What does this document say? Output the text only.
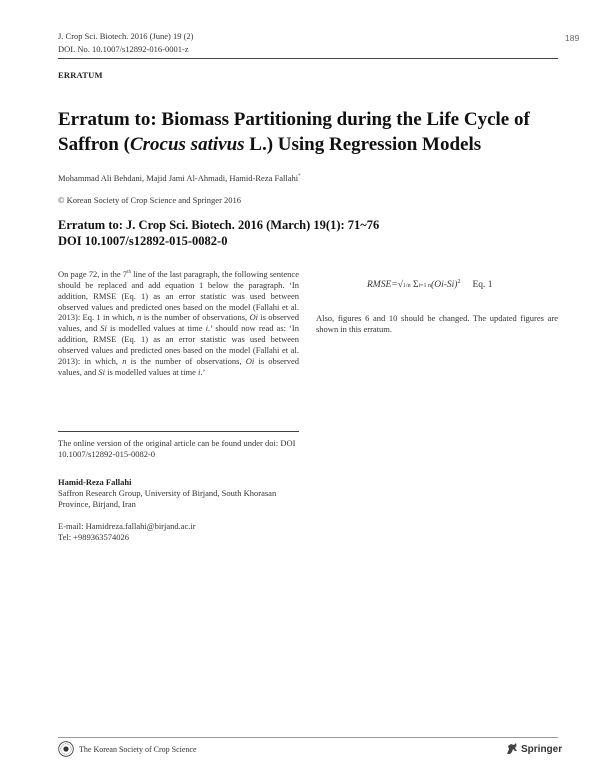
J. Crop Sci. Biotech. 2016 (June) 19 (2)
DOI. No. 10.1007/s12892-016-0001-z
189
ERRATUM
Erratum to: Biomass Partitioning during the Life Cycle of Saffron (Crocus sativus L.) Using Regression Models
Mohammad Ali Behdani, Majid Jami Al-Ahmadi, Hamid-Reza Fallahi*
© Korean Society of Crop Science and Springer 2016
Erratum to: J. Crop Sci. Biotech. 2016 (March) 19(1): 71~76
DOI 10.1007/s12892-015-0082-0
On page 72, in the 7th line of the last paragraph, the following sentence should be replaced and add equation 1 below the paragraph. ‘In addition, RMSE (Eq. 1) as an error statistic was used between observed values and predicted ones based on the model (Fallahi et al. 2013): Eq. 1 in which, n is the number of observations, Oi is observed values, and Si is modelled values at time i.’ should now read as: ‘In addition, RMSE (Eq. 1) as an error statistic was used between observed values and predicted ones based on the model (Fallahi et al. 2013): in which, n is the number of observations, Oi is observed values, and Si is modelled values at time i.’
RMSE=√1/n Σi=1 $n(Oi-Si)^2$ Eq. 1
Also, figures 6 and 10 should be changed. The updated figures are shown in this erratum.
The online version of the original article can be found under doi: DOI 10.1007/s12892-015-0082-0
Hamid-Reza Fallahi
Saffron Research Group, University of Birjand, South Khorasan Province, Birjand, Iran
E-mail: Hamidreza.fallahi@birjand.ac.ir
Tel: +989363574026
The Korean Society of Crop Science	Springer
